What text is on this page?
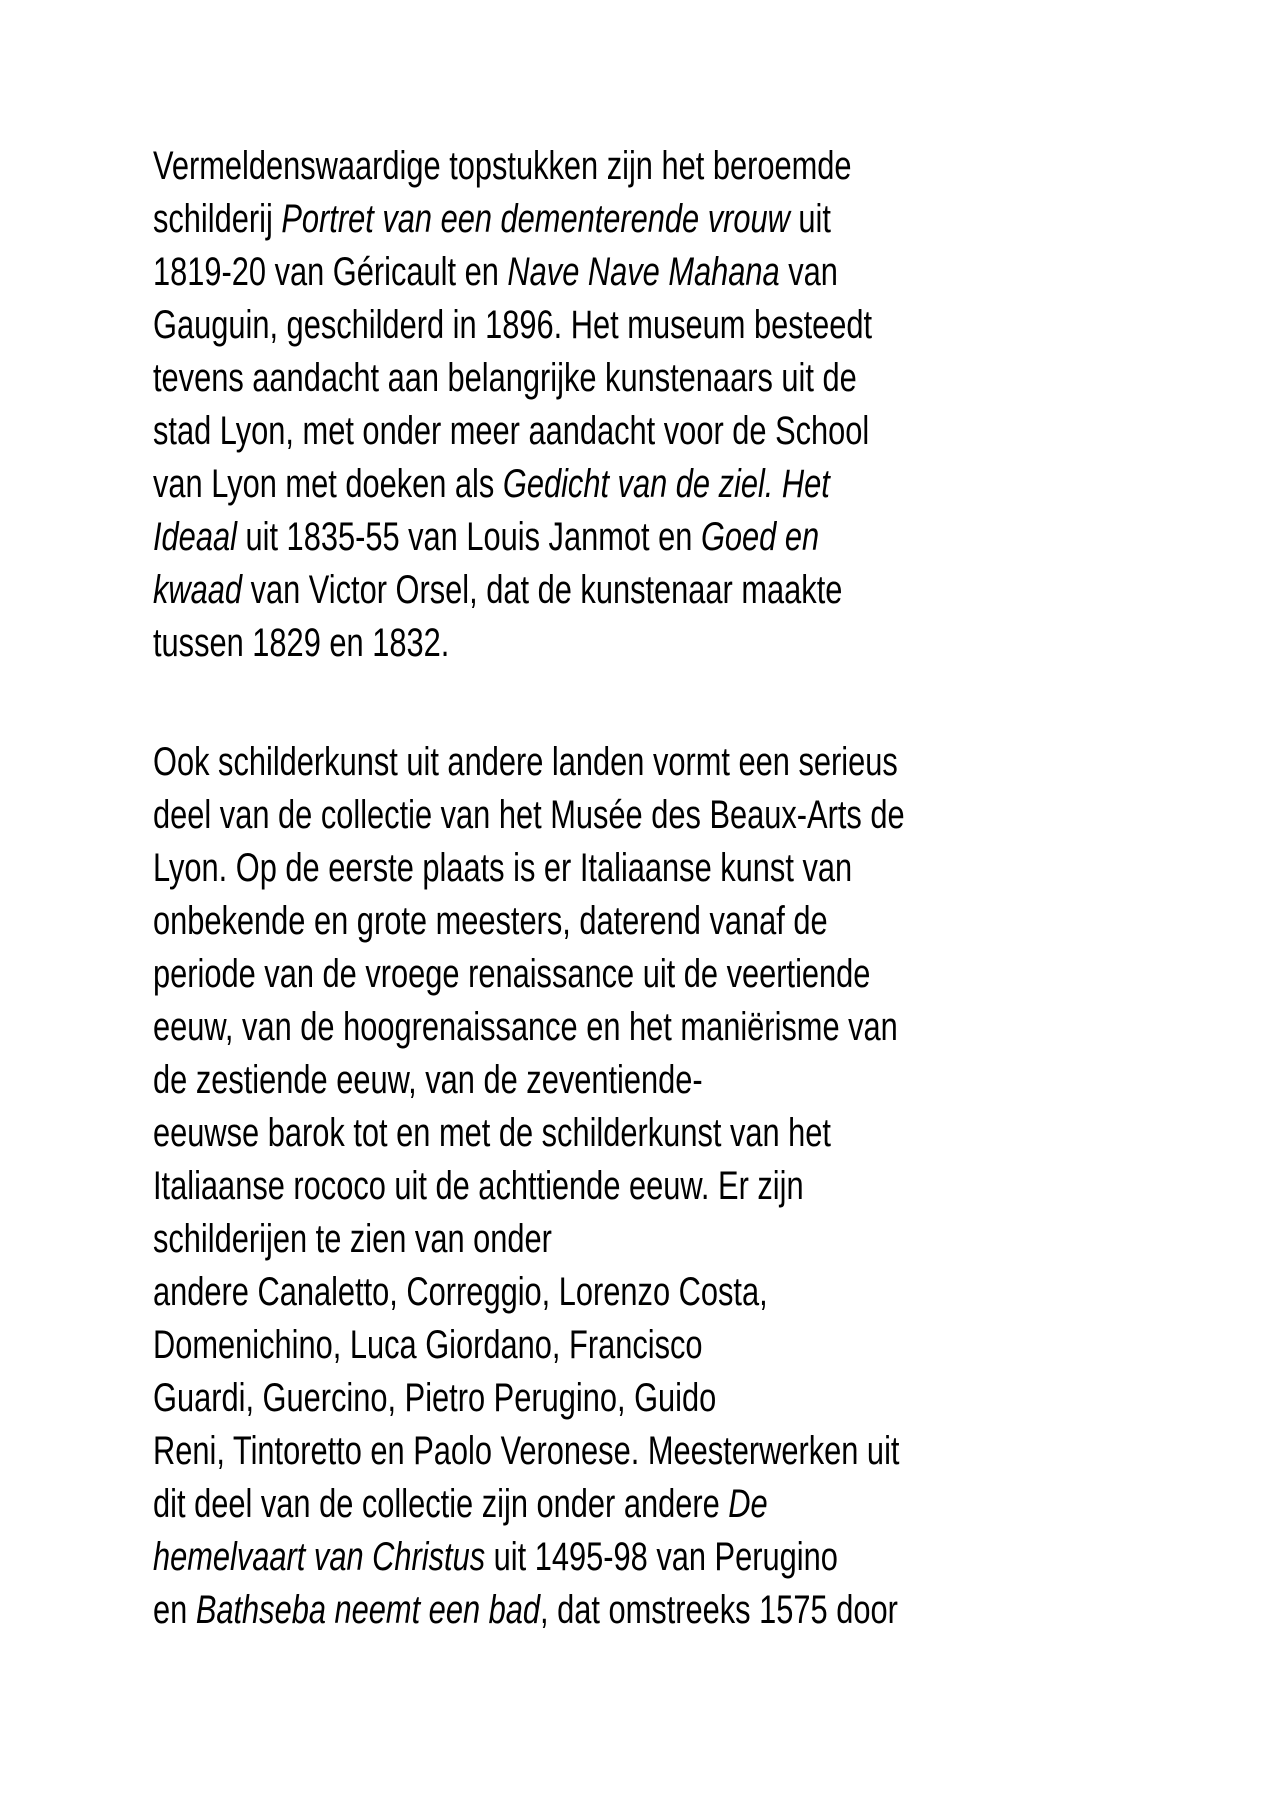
Vermeldenswaardige topstukken zijn het beroemde
schilderij Portret van een dementerende vrouw uit
1819-20 van Géricault en Nave Nave Mahana van
Gauguin, geschilderd in 1896. Het museum besteedt
tevens aandacht aan belangrijke kunstenaars uit de
stad Lyon, met onder meer aandacht voor de School
van Lyon met doeken als Gedicht van de ziel. Het
Ideaal uit 1835-55 van Louis Janmot en Goed en
kwaad van Victor Orsel, dat de kunstenaar maakte
tussen 1829 en 1832.
Ook schilderkunst uit andere landen vormt een serieus
deel van de collectie van het Musée des Beaux-Arts de
Lyon. Op de eerste plaats is er Italiaanse kunst van
onbekende en grote meesters, daterend vanaf de
periode van de vroege renaissance uit de veertiende
eeuw, van de hoogrenaissance en het maniërisme van
de zestiende eeuw, van de zeventiende-
eeuwse barok tot en met de schilderkunst van het
Italiaanse rococo uit de achttiende eeuw. Er zijn
schilderijen te zien van onder
andere Canaletto, Correggio, Lorenzo Costa,
Domenichino, Luca Giordano, Francisco
Guardi, Guercino, Pietro Perugino, Guido
Reni, Tintoretto en Paolo Veronese. Meesterwerken uit
dit deel van de collectie zijn onder andere De
hemelvaart van Christus uit 1495-98 van Perugino
en Bathseba neemt een bad, dat omstreeks 1575 door
